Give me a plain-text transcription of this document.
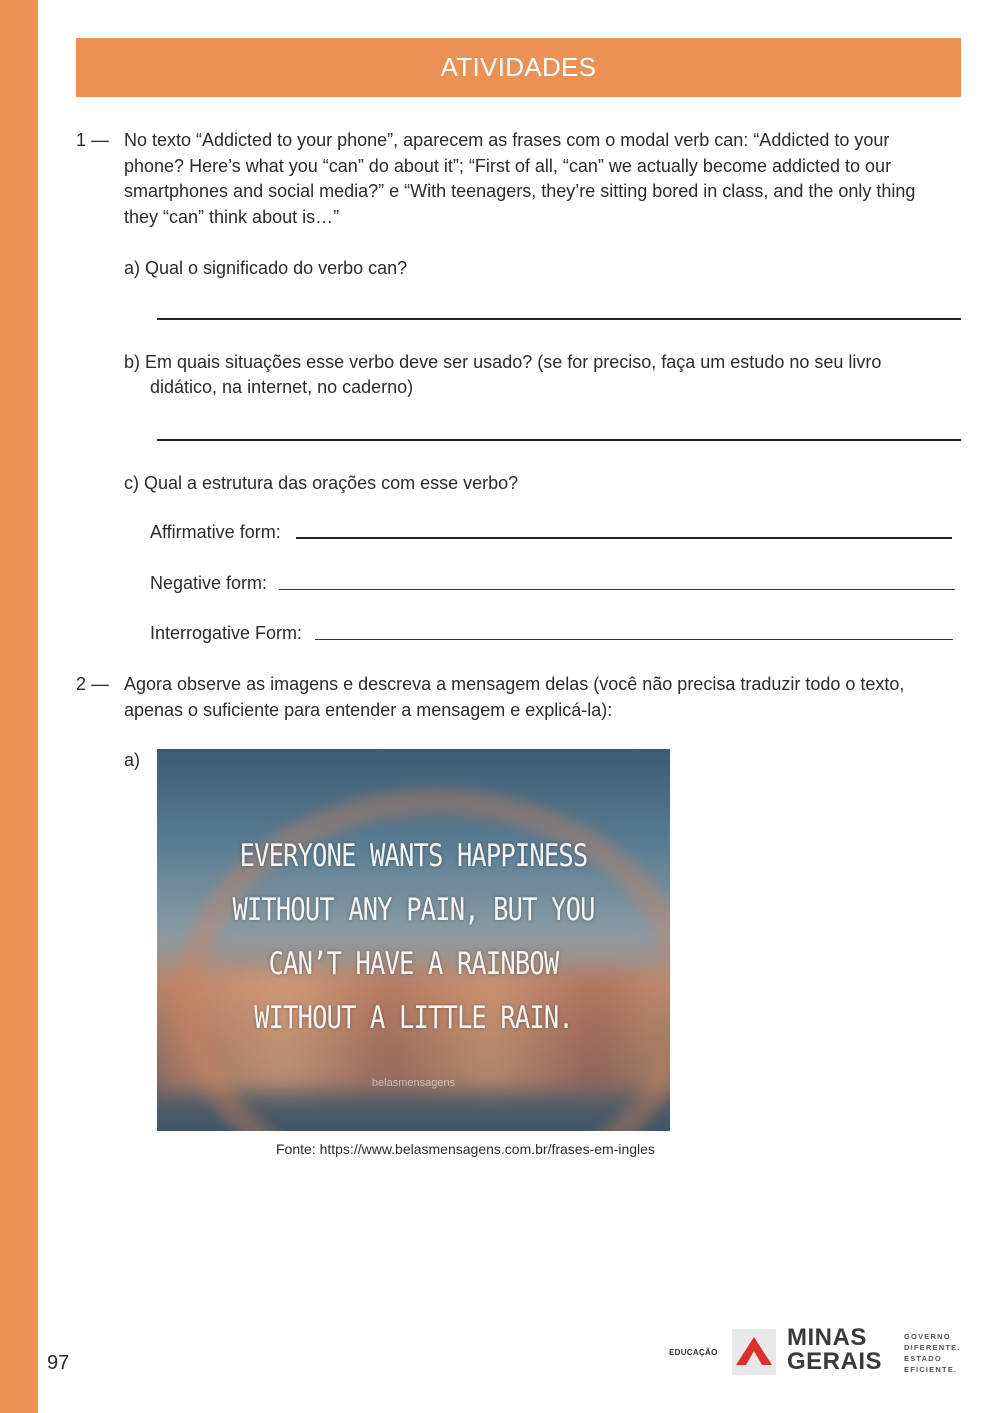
ATIVIDADES
1 — No texto “Addicted to your phone”, aparecem as frases com o modal verb can: “Addicted to your phone? Here’s what you “can” do about it”; “First of all, “can” we actually become addicted to our smartphones and social media?” e “With teenagers, they’re sitting bored in class, and the only thing they “can” think about is…”
a) Qual o significado do verbo can?
b) Em quais situações esse verbo deve ser usado? (se for preciso, faça um estudo no seu livro didático, na internet, no caderno)
c) Qual a estrutura das orações com esse verbo?
Affirmative form:
Negative form:
Interrogative Form:
2 — Agora observe as imagens e descreva a mensagem delas (você não precisa traduzir todo o texto, apenas o suficiente para entender a mensagem e explicá-la):
a)
EVERYONE WANTS HAPPINESS
WITHOUT ANY PAIN, BUT YOU
CAN’T HAVE A RAINBOW
WITHOUT A LITTLE RAIN.
belasmensagens
Fonte: https://www.belasmensagens.com.br/frases-em-ingles
97	EDUCAÇÃO
MINAS
GERAIS
GOVERNO
DIFERENTE.
ESTADO
EFICIENTE.
